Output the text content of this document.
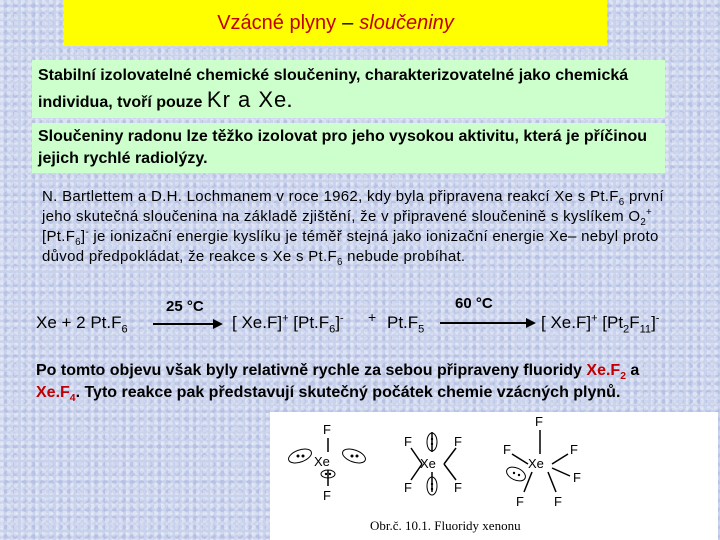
Vzácné plyny – sloučeniny
Stabilní izolovatelné chemické sloučeniny, charakterizovatelné jako chemická individua, tvoří pouze Kr a Xe.
Sloučeniny radonu lze těžko izolovat pro jeho vysokou aktivitu, která je příčinou jejich rychlé radiolýzy.
N. Bartlettem a D.H. Lochmanem v roce 1962, kdy byla připravena reakcí Xe s $Pt.F_6$ první jeho skutečná sloučenina na základě zjištění, že v připravené sloučenině s kyslíkem $O_2^+[Pt.F_6]^-$ je ionizační energie kyslíku je téměř stejná jako ionizační energie Xe– nebyl proto důvod předpokládat, že reakce s Xe s $Pt.F_6$ nebude probíhat.
Xe + 2 $Pt.F_6$
25 °C
[ Xe.F]+ $[Pt.F_6]^- + Pt.F_5$
60 °C
[ Xe.F]+ $[Pt_2F_{11}]^-$
Po tomto objevu však byly relativně rychle za sebou připraveny fluoridy $Xe.F_2$ a $Xe.F_4$. Tyto reakce pak představují skutečný počátek chemie vzácných plynů.
F
F
Xe
F	F
F	F
Xe
F
F	F
F
F F
Xe
Obr.č. 10.1. Fluoridy xenonu
